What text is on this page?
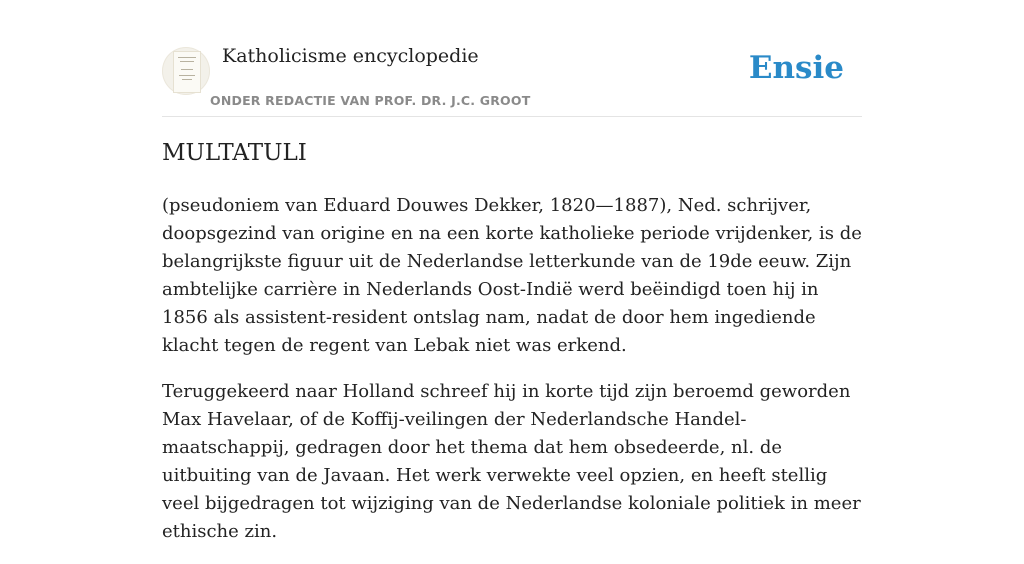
Katholicisme encyclopedie
ONDER REDACTIE VAN PROF. DR. J.C. GROOT
Ensie
MULTATULI

(pseudoniem van Eduard Douwes Dekker, 1820—1887), Ned. schrijver, doopsgezind van origine en na een korte katholieke periode vrijdenker, is de belangrijkste figuur uit de Nederlandse letterkunde van de 19de eeuw. Zijn ambtelijke carrière in Nederlands Oost-Indië werd beëindigd toen hij in 1856 als assistent-resident ontslag nam, nadat de door hem ingediende klacht tegen de regent van Lebak niet was erkend.

Teruggekeerd naar Holland schreef hij in korte tijd zijn beroemd geworden Max Havelaar, of de Koffij-veilingen der Nederlandsche Handel-maatschappij, gedragen door het thema dat hem obsedeerde, nl. de uitbuiting van de Javaan. Het werk verwekte veel opzien, en heeft stellig veel bijgedragen tot wijziging van de Nederlandse koloniale politiek in meer ethische zin.
